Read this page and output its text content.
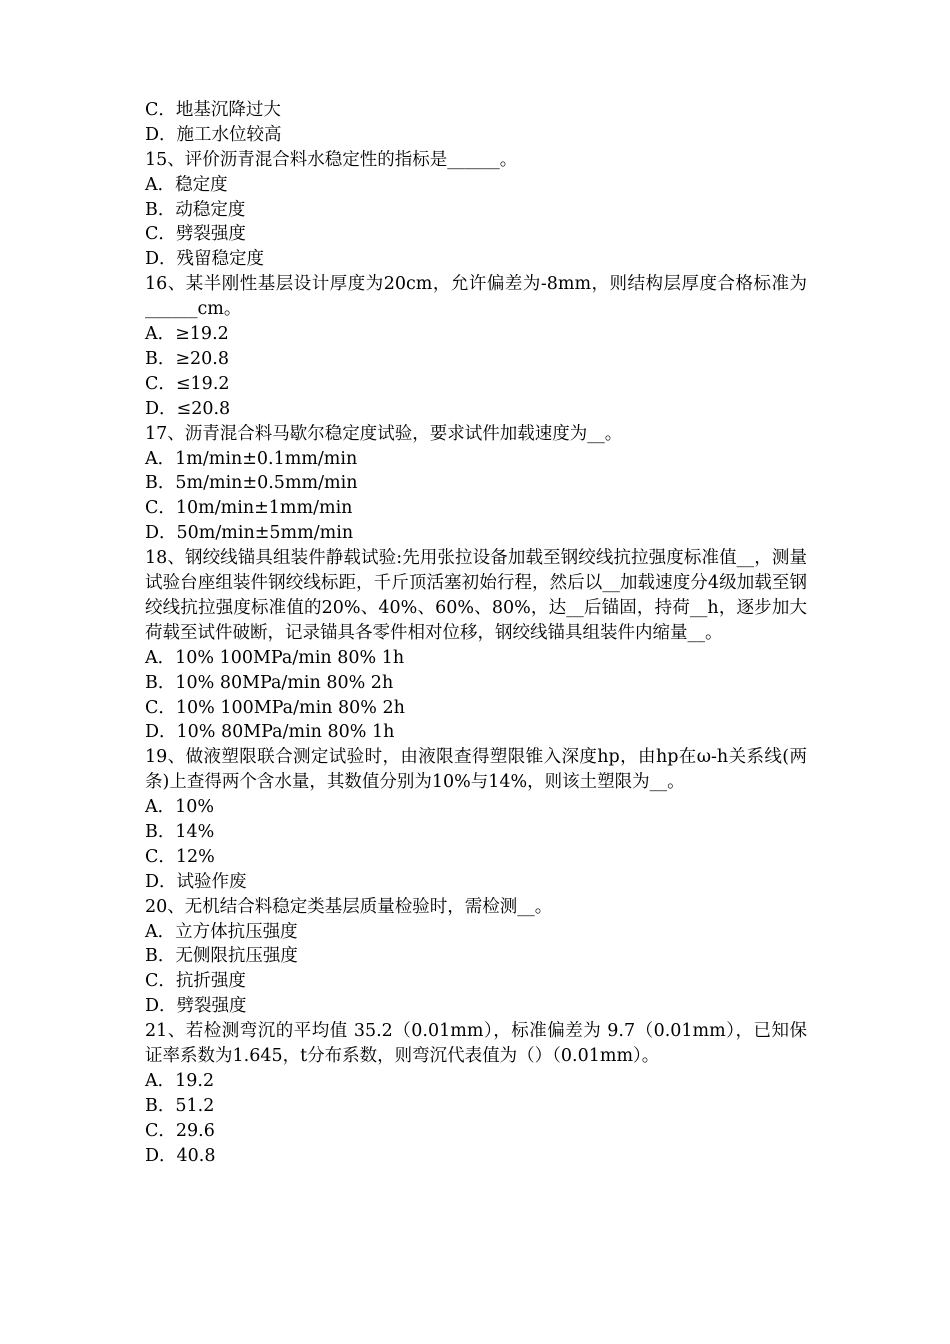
C．地基沉降过大
D．施工水位较高
15、评价沥青混合料水稳定性的指标是______。
A．稳定度
B．动稳定度
C．劈裂强度
D．残留稳定度
16、某半刚性基层设计厚度为20cm，允许偏差为-8mm，则结构层厚度合格标准为______cm。
A．≥19.2
B．≥20.8
C．≤19.2
D．≤20.8
17、沥青混合料马歇尔稳定度试验，要求试件加载速度为__。
A．1m/min±0.1mm/min
B．5m/min±0.5mm/min
C．10m/min±1mm/min
D．50m/min±5mm/min
18、钢绞线锚具组装件静载试验:先用张拉设备加载至钢绞线抗拉强度标准值__，测量试验台座组装件钢绞线标距，千斤顶活塞初始行程，然后以__加载速度分4级加载至钢绞线抗拉强度标准值的20%、40%、60%、80%，达__后锚固，持荷__h，逐步加大荷载至试件破断，记录锚具各零件相对位移，钢绞线锚具组装件内缩量__。
A．10% 100MPa/min 80% 1h
B．10% 80MPa/min 80% 2h
C．10% 100MPa/min 80% 2h
D．10% 80MPa/min 80% 1h
19、做液塑限联合测定试验时，由液限查得塑限锥入深度hp，由hp在ω-h关系线(两条)上查得两个含水量，其数值分别为10%与14%，则该土塑限为__。
A．10%
B．14%
C．12%
D．试验作废
20、无机结合料稳定类基层质量检验时，需检测__。
A．立方体抗压强度
B．无侧限抗压强度
C．抗折强度
D．劈裂强度
21、若检测弯沉的平均值 35.2（0.01mm），标准偏差为 9.7（0.01mm），已知保证率系数为1.645，t分布系数，则弯沉代表值为（）（0.01mm）。
A．19.2
B．51.2
C．29.6
D．40.8
